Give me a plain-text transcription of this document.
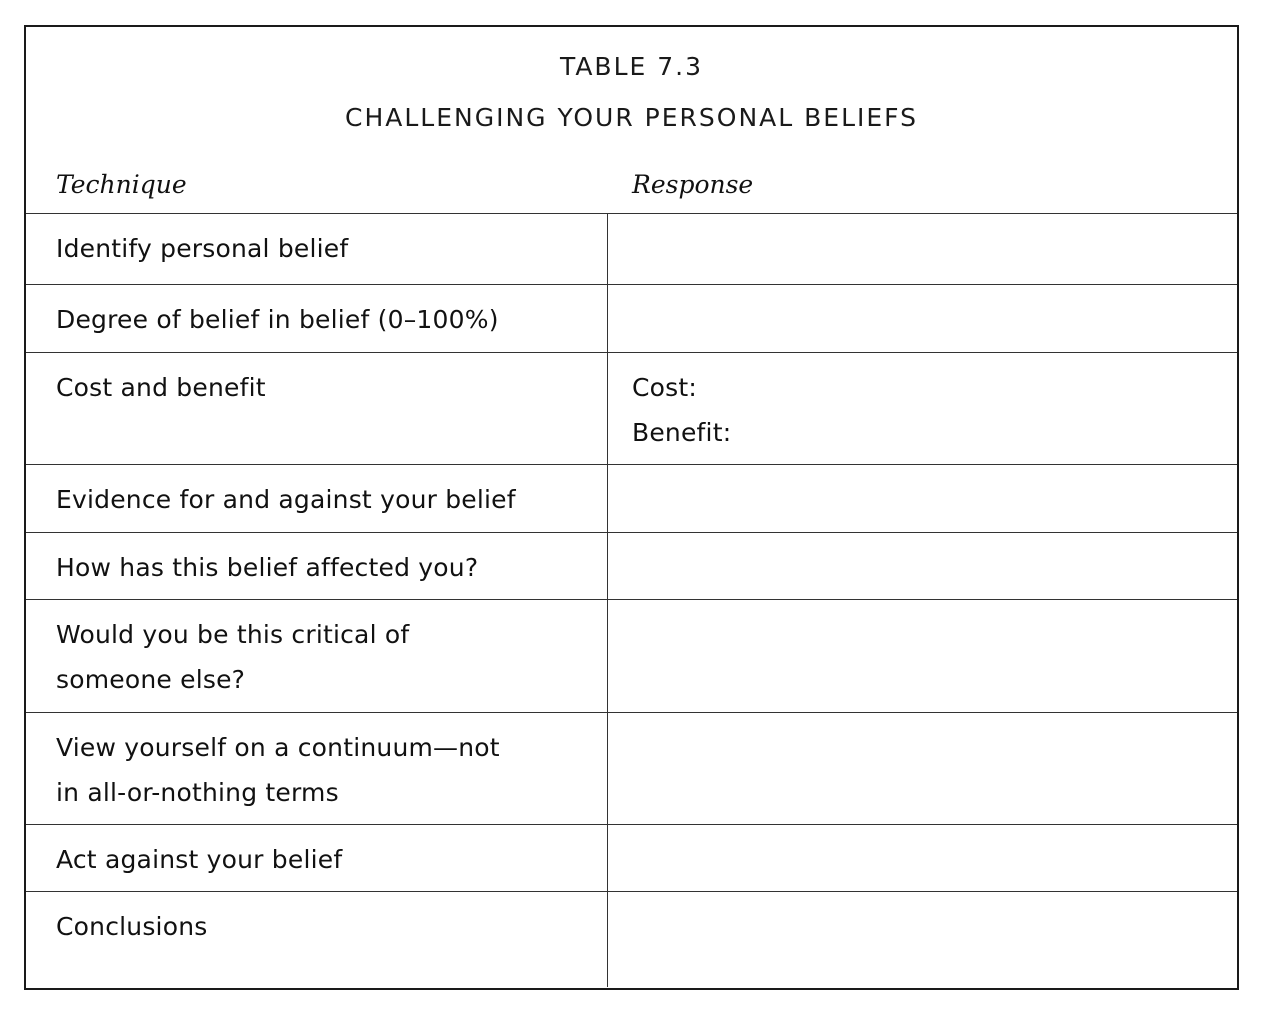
TABLE 7.3
CHALLENGING YOUR PERSONAL BELIEFS
Technique	Response
Identify personal belief
Degree of belief in belief (0–100%)
Cost and benefit	Cost:
Benefit:
Evidence for and against your belief
How has this belief affected you?
Would you be this critical of
someone else?
View yourself on a continuum—not
in all-or-nothing terms
Act against your belief
Conclusions
